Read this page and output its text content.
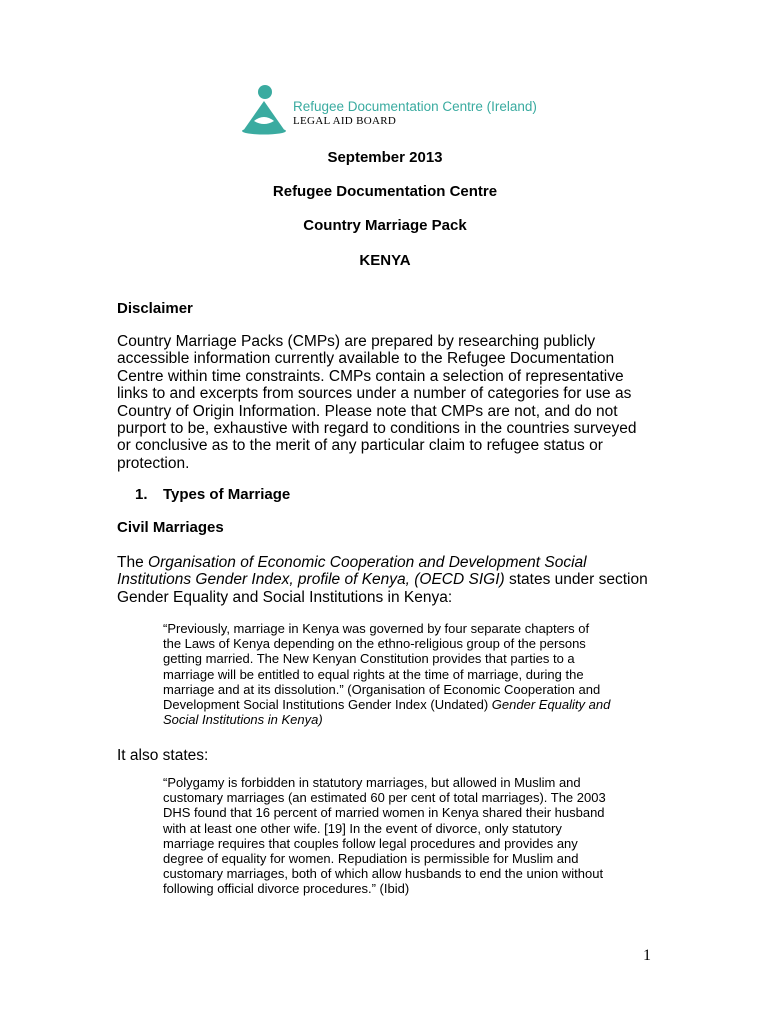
Refugee Documentation Centre (Ireland)
LEGAL AID BOARD
September 2013
Refugee Documentation Centre
Country Marriage Pack
KENYA
Disclaimer
Country Marriage Packs (CMPs) are prepared by researching publicly
accessible information currently available to the Refugee Documentation
Centre within time constraints. CMPs contain a selection of representative
links to and excerpts from sources under a number of categories for use as
Country of Origin Information. Please note that CMPs are not, and do not
purport to be, exhaustive with regard to conditions in the countries surveyed
or conclusive as to the merit of any particular claim to refugee status or
protection.
1. Types of Marriage
Civil Marriages
The Organisation of Economic Cooperation and Development Social
Institutions Gender Index, profile of Kenya, (OECD SIGI) states under section
Gender Equality and Social Institutions in Kenya:
“Previously, marriage in Kenya was governed by four separate chapters of
the Laws of Kenya depending on the ethno-religious group of the persons
getting married. The New Kenyan Constitution provides that parties to a
marriage will be entitled to equal rights at the time of marriage, during the
marriage and at its dissolution.” (Organisation of Economic Cooperation and
Development Social Institutions Gender Index (Undated) Gender Equality and
Social Institutions in Kenya)
It also states:
“Polygamy is forbidden in statutory marriages, but allowed in Muslim and
customary marriages (an estimated 60 per cent of total marriages). The 2003
DHS found that 16 percent of married women in Kenya shared their husband
with at least one other wife. [19] In the event of divorce, only statutory
marriage requires that couples follow legal procedures and provides any
degree of equality for women. Repudiation is permissible for Muslim and
customary marriages, both of which allow husbands to end the union without
following official divorce procedures.” (Ibid)
1
